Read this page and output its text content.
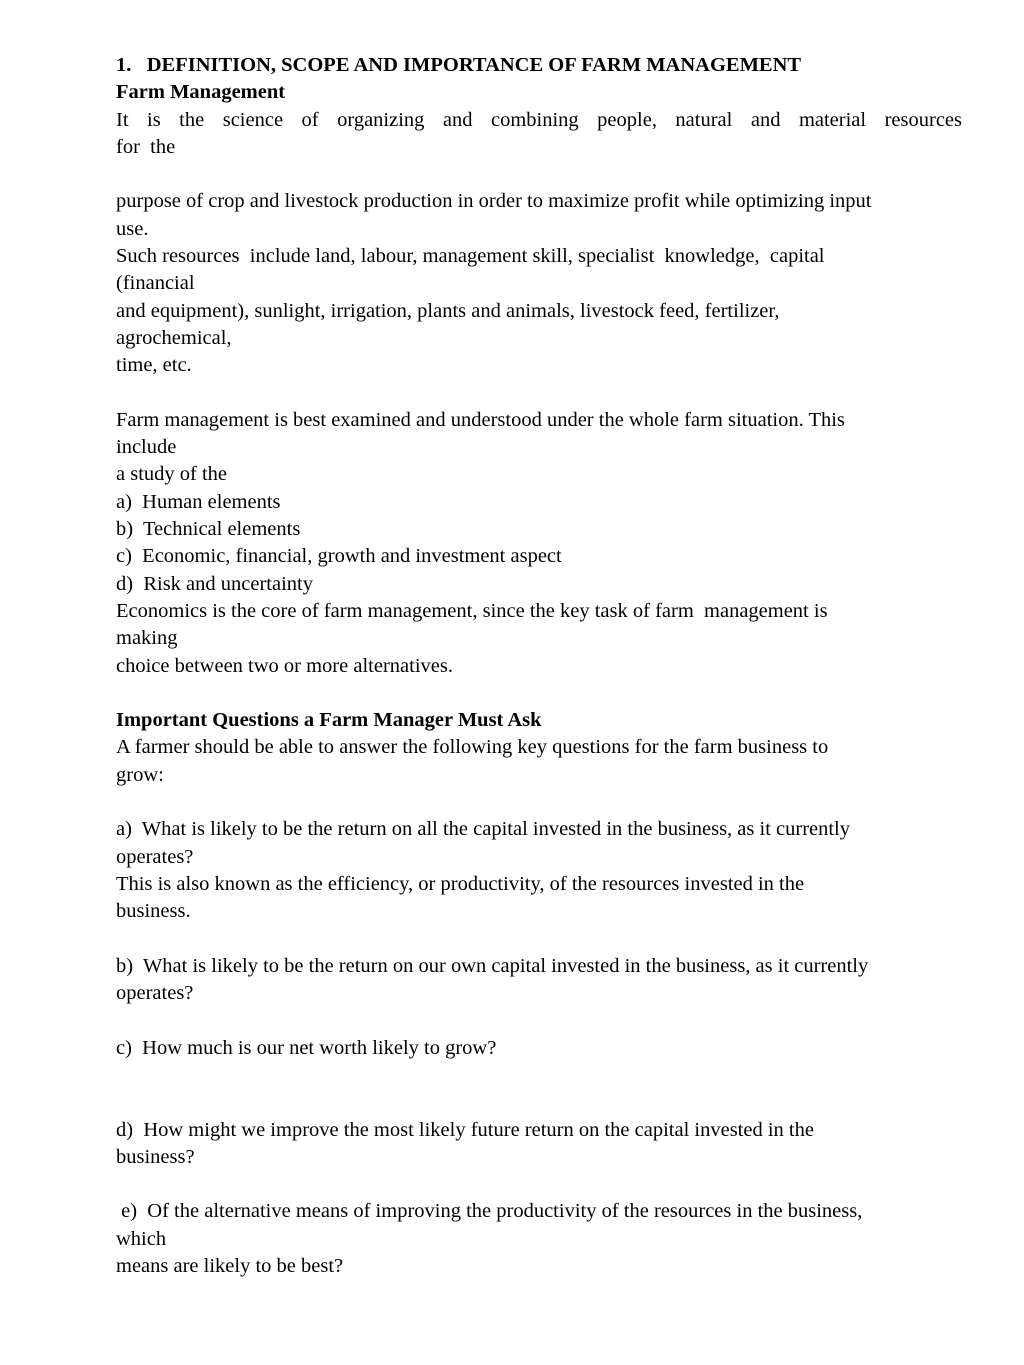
1.   DEFINITION, SCOPE AND IMPORTANCE OF FARM MANAGEMENT
Farm Management
It is the science of organizing and combining people, natural and material resources
for  the
purpose of crop and livestock production in order to maximize profit while optimizing input
use.
Such resources  include land, labour, management skill, specialist  knowledge,  capital
(financial
and equipment), sunlight, irrigation, plants and animals, livestock feed, fertilizer,
agrochemical,
time, etc.
Farm management is best examined and understood under the whole farm situation. This
include
a study of the
a)  Human elements
b)  Technical elements
c)  Economic, financial, growth and investment aspect
d)  Risk and uncertainty
Economics is the core of farm management, since the key task of farm  management is
making
choice between two or more alternatives.
Important Questions a Farm Manager Must Ask
A farmer should be able to answer the following key questions for the farm business to
grow:
a)  What is likely to be the return on all the capital invested in the business, as it currently
operates?
This is also known as the efficiency, or productivity, of the resources invested in the
business.
b)  What is likely to be the return on our own capital invested in the business, as it currently
operates?
c)  How much is our net worth likely to grow?
d)  How might we improve the most likely future return on the capital invested in the
business?
e)  Of the alternative means of improving the productivity of the resources in the business,
which
means are likely to be best?
